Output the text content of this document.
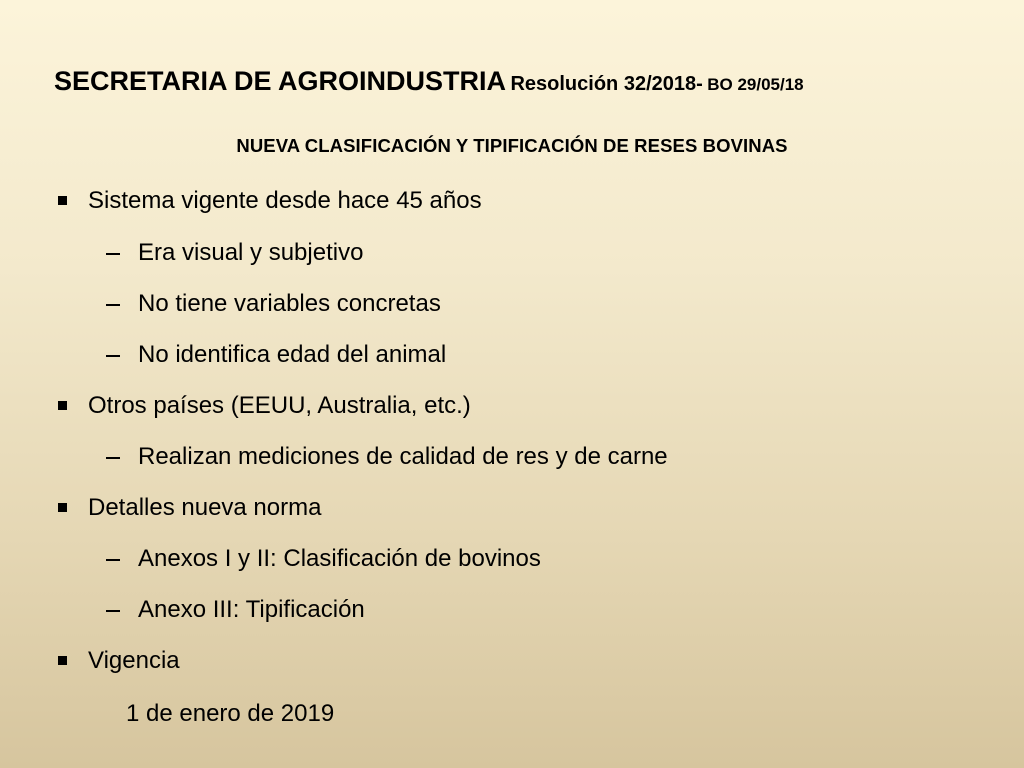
SECRETARIA DE AGROINDUSTRIA Resolución 32/2018- BO 29/05/18
NUEVA CLASIFICACIÓN Y TIPIFICACIÓN DE RESES BOVINAS
Sistema vigente desde hace 45 años
Era visual y subjetivo
No tiene variables concretas
No identifica edad del animal
Otros países (EEUU, Australia, etc.)
Realizan mediciones de calidad de res y de carne
Detalles nueva norma
Anexos I y II: Clasificación de bovinos
Anexo III: Tipificación
Vigencia
1 de enero de 2019
